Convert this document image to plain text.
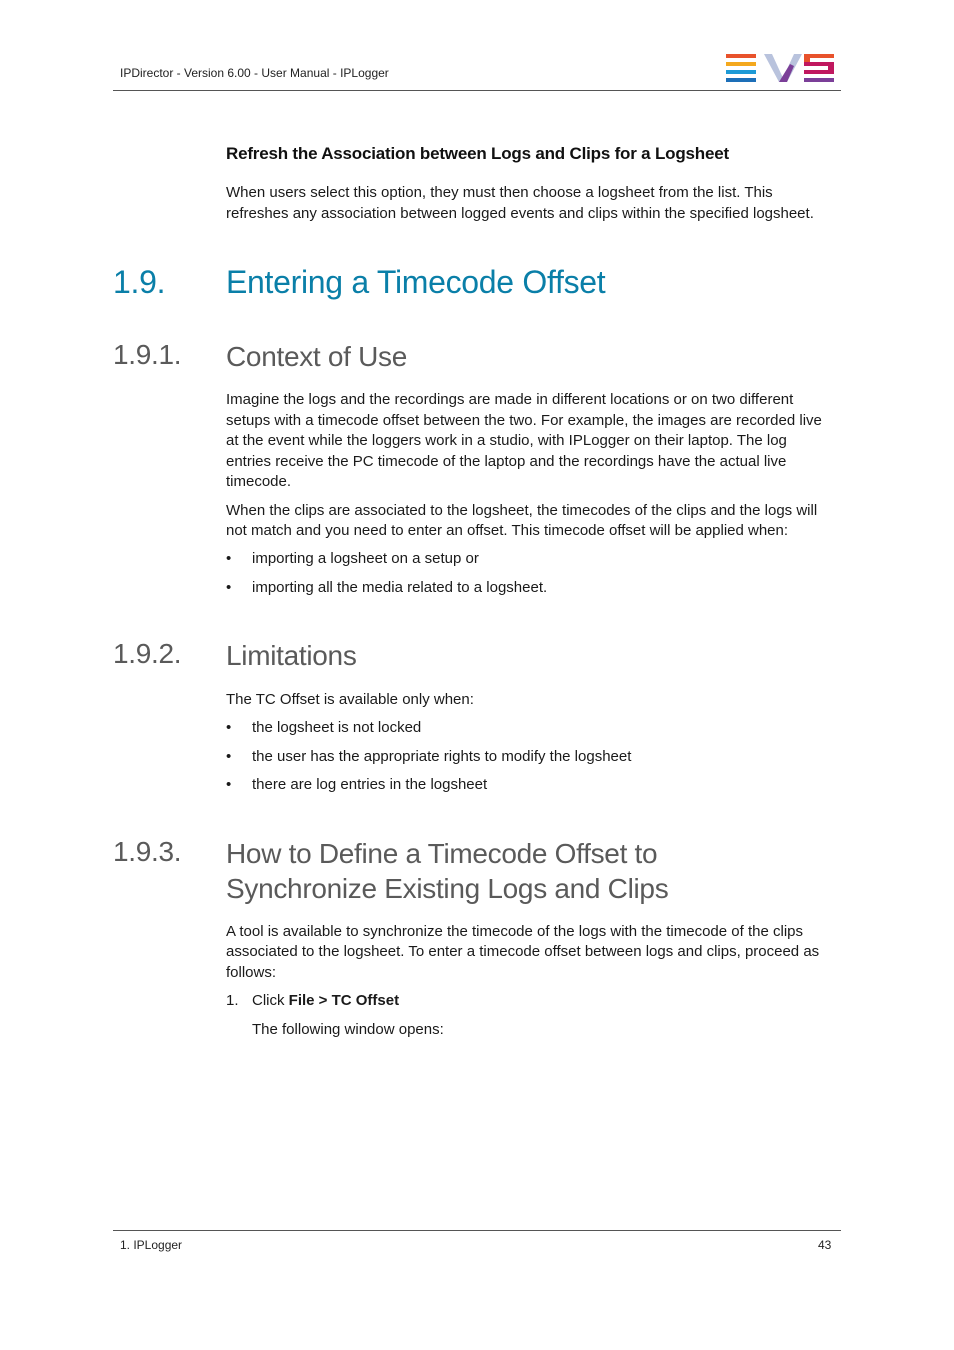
IPDirector - Version 6.00 - User Manual - IPLogger
Refresh the Association between Logs and Clips for a Logsheet
When users select this option, they must then choose a logsheet from the list. This
refreshes any association between logged events and clips within the specified logsheet.
1.9. Entering a Timecode Offset
1.9.1. Context of Use
Imagine the logs and the recordings are made in different locations or on two different
setups with a timecode offset between the two. For example, the images are recorded live
at the event while the loggers work in a studio, with IPLogger on their laptop. The log
entries receive the PC timecode of the laptop and the recordings have the actual live
timecode.
When the clips are associated to the logsheet, the timecodes of the clips and the logs will
not match and you need to enter an offset. This timecode offset will be applied when:
• importing a logsheet on a setup or
• importing all the media related to a logsheet.
1.9.2. Limitations
The TC Offset is available only when:
• the logsheet is not locked
• the user has the appropriate rights to modify the logsheet
• there are log entries in the logsheet
1.9.3. How to Define a Timecode Offset to
Synchronize Existing Logs and Clips
A tool is available to synchronize the timecode of the logs with the timecode of the clips
associated to the logsheet. To enter a timecode offset between logs and clips, proceed as
follows:
1. Click File > TC Offset
The following window opens:
1. IPLogger	43
